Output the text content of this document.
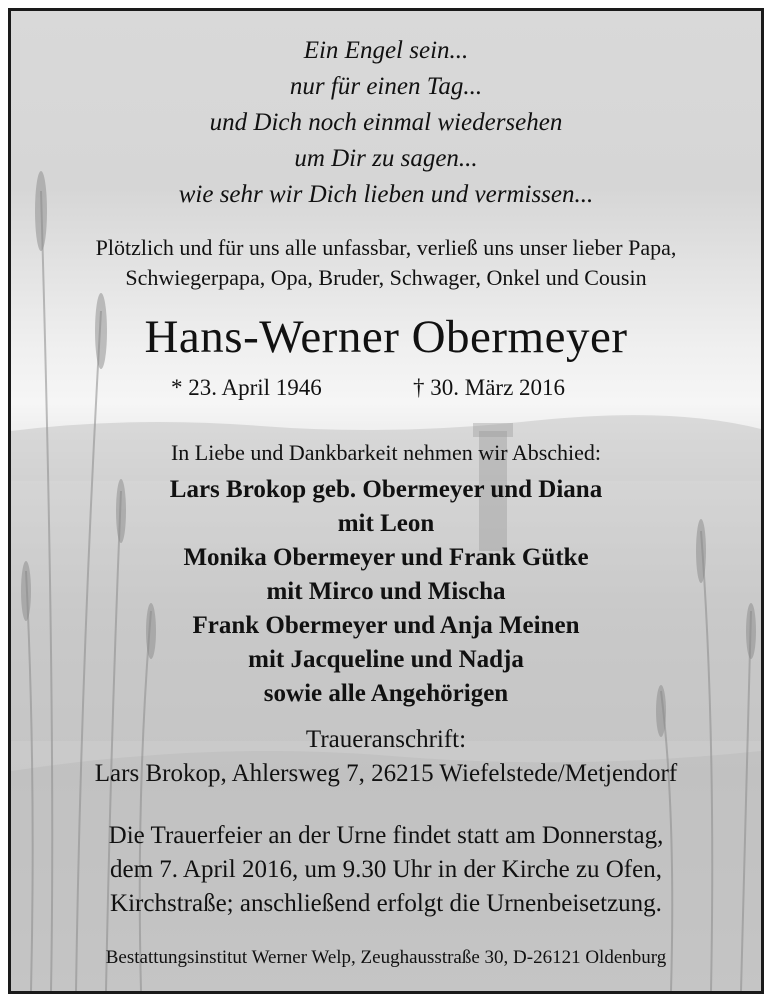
Ein Engel sein...
nur für einen Tag...
und Dich noch einmal wiedersehen
um Dir zu sagen...
wie sehr wir Dich lieben und vermissen...
Plötzlich und für uns alle unfassbar, verließ uns unser lieber Papa,
Schwiegerpapa, Opa, Bruder, Schwager, Onkel und Cousin
Hans-Werner Obermeyer
* 23. April 1946	† 30. März 2016
In Liebe und Dankbarkeit nehmen wir Abschied:
Lars Brokop geb. Obermeyer und Diana
mit Leon
Monika Obermeyer und Frank Gütke
mit Mirco und Mischa
Frank Obermeyer und Anja Meinen
mit Jacqueline und Nadja
sowie alle Angehörigen
Traueranschrift:
Lars Brokop, Ahlersweg 7, 26215 Wiefelstede/Metjendorf
Die Trauerfeier an der Urne findet statt am Donnerstag,
dem 7. April 2016, um 9.30 Uhr in der Kirche zu Ofen,
Kirchstraße; anschließend erfolgt die Urnenbeisetzung.
Bestattungsinstitut Werner Welp, Zeughausstraße 30, D-26121 Oldenburg
